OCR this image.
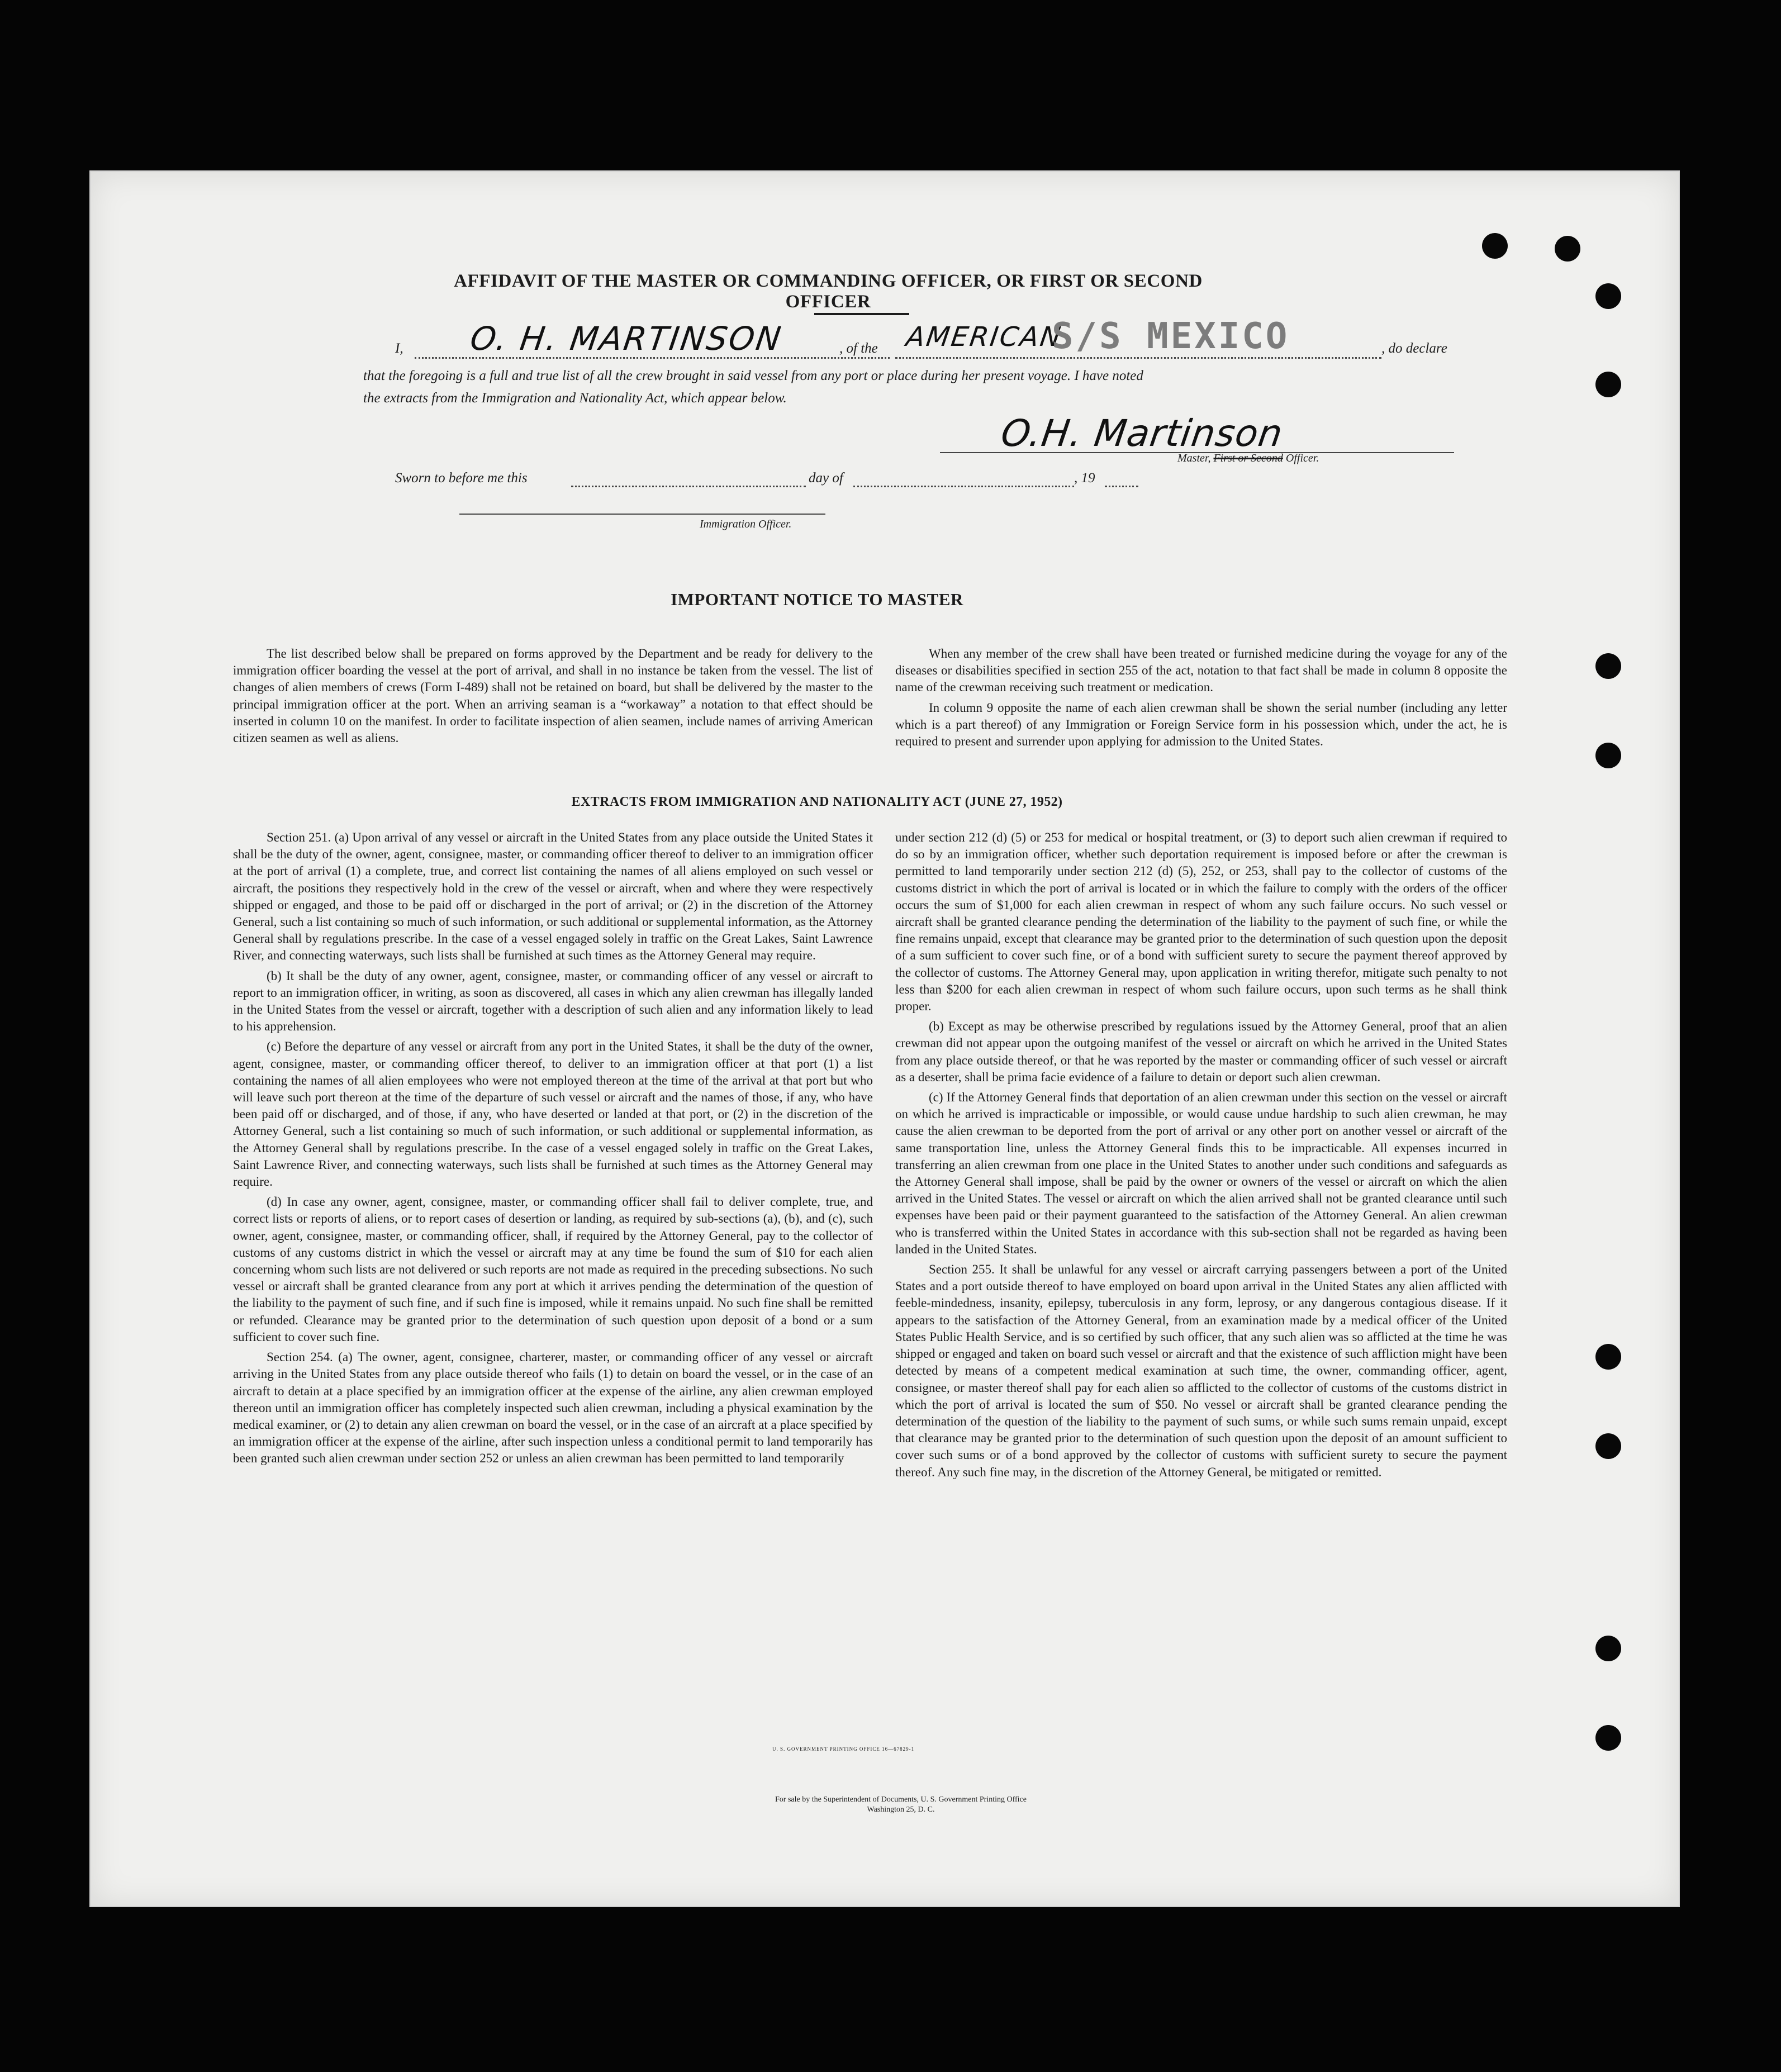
AFFIDAVIT OF THE MASTER OR COMMANDING OFFICER, OR FIRST OR SECOND OFFICER
I, O. H. MARTINSON	, of the AMERICAN
S/S MEXICO	, do declare
that the foregoing is a full and true list of all the crew brought in said vessel from any port or place during her present voyage. I have noted
the extracts from the Immigration and Nationality Act, which appear below.
O.H. Martinson
Master, First or Second Officer.
Sworn to before me this	day of	, 19
Immigration Officer.
IMPORTANT NOTICE TO MASTER

The list described below shall be prepared on forms approved by the Department and be ready for delivery to the immigration officer boarding the vessel at the port of arrival, and shall in no instance be taken from the vessel. The list of changes of alien members of crews (Form I-489) shall not be retained on board, but shall be delivered by the master to the principal immigration officer at the port. When an arriving seaman is a “workaway” a notation to that effect should be inserted in column 10 on the manifest. In order to facilitate inspection of alien seamen, include names of arriving American citizen seamen as well as aliens.

When any member of the crew shall have been treated or furnished medicine during the voyage for any of the diseases or disabilities specified in section 255 of the act, notation to that fact shall be made in column 8 opposite the name of the crewman receiving such treatment or medication.

In column 9 opposite the name of each alien crewman shall be shown the serial number (including any letter which is a part thereof) of any Immigration or Foreign Service form in his possession which, under the act, he is required to present and surrender upon applying for admission to the United States.

EXTRACTS FROM IMMIGRATION AND NATIONALITY ACT (JUNE 27, 1952)

Section 251. (a) Upon arrival of any vessel or aircraft in the United States from any place outside the United States it shall be the duty of the owner, agent, consignee, master, or commanding officer thereof to deliver to an immigration officer at the port of arrival (1) a complete, true, and correct list containing the names of all aliens employed on such vessel or aircraft, the positions they respectively hold in the crew of the vessel or aircraft, when and where they were respectively shipped or engaged, and those to be paid off or discharged in the port of arrival; or (2) in the discretion of the Attorney General, such a list containing so much of such information, or such additional or supplemental information, as the Attorney General shall by regulations prescribe. In the case of a vessel engaged solely in traffic on the Great Lakes, Saint Lawrence River, and connecting waterways, such lists shall be furnished at such times as the Attorney General may require.

(b) It shall be the duty of any owner, agent, consignee, master, or commanding officer of any vessel or aircraft to report to an immigration officer, in writing, as soon as discovered, all cases in which any alien crewman has illegally landed in the United States from the vessel or aircraft, together with a description of such alien and any information likely to lead to his apprehension.

(c) Before the departure of any vessel or aircraft from any port in the United States, it shall be the duty of the owner, agent, consignee, master, or commanding officer thereof, to deliver to an immigration officer at that port (1) a list containing the names of all alien employees who were not employed thereon at the time of the arrival at that port but who will leave such port thereon at the time of the departure of such vessel or aircraft and the names of those, if any, who have been paid off or discharged, and of those, if any, who have deserted or landed at that port, or (2) in the discretion of the Attorney General, such a list containing so much of such information, or such additional or supplemental information, as the Attorney General shall by regulations prescribe. In the case of a vessel engaged solely in traffic on the Great Lakes, Saint Lawrence River, and connecting waterways, such lists shall be furnished at such times as the Attorney General may require.

(d) In case any owner, agent, consignee, master, or commanding officer shall fail to deliver complete, true, and correct lists or reports of aliens, or to report cases of desertion or landing, as required by sub-sections (a), (b), and (c), such owner, agent, consignee, master, or commanding officer, shall, if required by the Attorney General, pay to the collector of customs of any customs district in which the vessel or aircraft may at any time be found the sum of $10 for each alien concerning whom such lists are not delivered or such reports are not made as required in the preceding subsections. No such vessel or aircraft shall be granted clearance from any port at which it arrives pending the determination of the question of the liability to the payment of such fine, and if such fine is imposed, while it remains unpaid. No such fine shall be remitted or refunded. Clearance may be granted prior to the determination of such question upon deposit of a bond or a sum sufficient to cover such fine.

Section 254. (a) The owner, agent, consignee, charterer, master, or commanding officer of any vessel or aircraft arriving in the United States from any place outside thereof who fails (1) to detain on board the vessel, or in the case of an aircraft to detain at a place specified by an immigration officer at the expense of the airline, any alien crewman employed thereon until an immigration officer has completely inspected such alien crewman, including a physical examination by the medical examiner, or (2) to detain any alien crewman on board the vessel, or in the case of an aircraft at a place specified by an immigration officer at the expense of the airline, after such inspection unless a conditional permit to land temporarily has been granted such alien crewman under section 252 or unless an alien crewman has been permitted to land temporarily

under section 212 (d) (5) or 253 for medical or hospital treatment, or (3) to deport such alien crewman if required to do so by an immigration officer, whether such deportation requirement is imposed before or after the crewman is permitted to land temporarily under section 212 (d) (5), 252, or 253, shall pay to the collector of customs of the customs district in which the port of arrival is located or in which the failure to comply with the orders of the officer occurs the sum of $1,000 for each alien crewman in respect of whom any such failure occurs. No such vessel or aircraft shall be granted clearance pending the determination of the liability to the payment of such fine, or while the fine remains unpaid, except that clearance may be granted prior to the determination of such question upon the deposit of a sum sufficient to cover such fine, or of a bond with sufficient surety to secure the payment thereof approved by the collector of customs. The Attorney General may, upon application in writing therefor, mitigate such penalty to not less than $200 for each alien crewman in respect of whom such failure occurs, upon such terms as he shall think proper.

(b) Except as may be otherwise prescribed by regulations issued by the Attorney General, proof that an alien crewman did not appear upon the outgoing manifest of the vessel or aircraft on which he arrived in the United States from any place outside thereof, or that he was reported by the master or commanding officer of such vessel or aircraft as a deserter, shall be prima facie evidence of a failure to detain or deport such alien crewman.

(c) If the Attorney General finds that deportation of an alien crewman under this section on the vessel or aircraft on which he arrived is impracticable or impossible, or would cause undue hardship to such alien crewman, he may cause the alien crewman to be deported from the port of arrival or any other port on another vessel or aircraft of the same transportation line, unless the Attorney General finds this to be impracticable. All expenses incurred in transferring an alien crewman from one place in the United States to another under such conditions and safeguards as the Attorney General shall impose, shall be paid by the owner or owners of the vessel or aircraft on which the alien arrived in the United States. The vessel or aircraft on which the alien arrived shall not be granted clearance until such expenses have been paid or their payment guaranteed to the satisfaction of the Attorney General. An alien crewman who is transferred within the United States in accordance with this sub-section shall not be regarded as having been landed in the United States.

Section 255. It shall be unlawful for any vessel or aircraft carrying passengers between a port of the United States and a port outside thereof to have employed on board upon arrival in the United States any alien afflicted with feeble-mindedness, insanity, epilepsy, tuberculosis in any form, leprosy, or any dangerous contagious disease. If it appears to the satisfaction of the Attorney General, from an examination made by a medical officer of the United States Public Health Service, and is so certified by such officer, that any such alien was so afflicted at the time he was shipped or engaged and taken on board such vessel or aircraft and that the existence of such affliction might have been detected by means of a competent medical examination at such time, the owner, commanding officer, agent, consignee, or master thereof shall pay for each alien so afflicted to the collector of customs of the customs district in which the port of arrival is located the sum of $50. No vessel or aircraft shall be granted clearance pending the determination of the question of the liability to the payment of such sums, or while such sums remain unpaid, except that clearance may be granted prior to the determination of such question upon the deposit of an amount sufficient to cover such sums or of a bond approved by the collector of customs with sufficient surety to secure the payment thereof. Any such fine may, in the discretion of the Attorney General, be mitigated or remitted.

U. S. GOVERNMENT PRINTING OFFICE 16—67829-1
For sale by the Superintendent of Documents, U. S. Government Printing Office
Washington 25, D. C.
